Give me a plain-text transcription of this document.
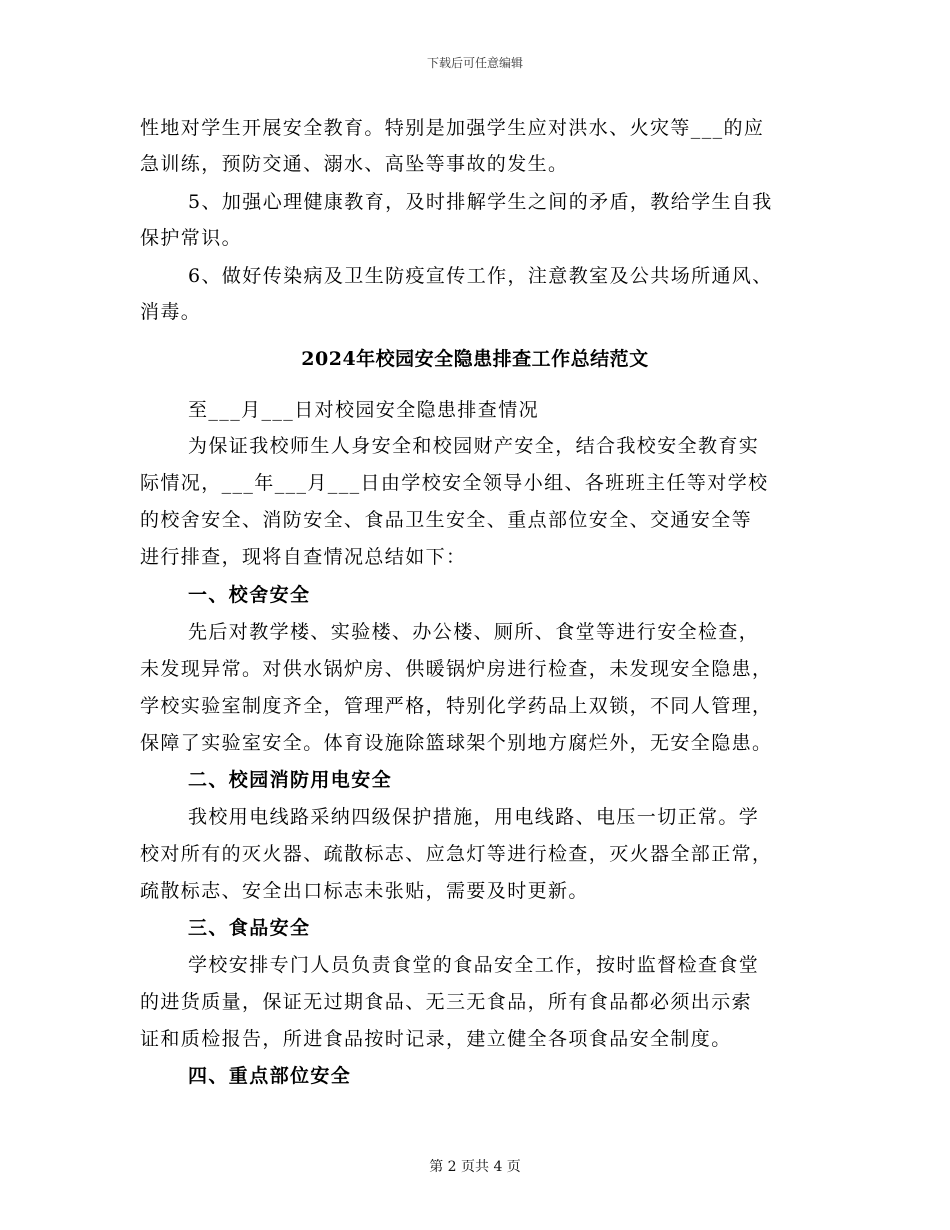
下载后可任意编辑
性地对学生开展安全教育。特别是加强学生应对洪水、火灾等___的应
急训练，预防交通、溺水、高坠等事故的发生。
5、加强心理健康教育，及时排解学生之间的矛盾，教给学生自我
保护常识。
6、做好传染病及卫生防疫宣传工作，注意教室及公共场所通风、
消毒。
2024年校园安全隐患排查工作总结范文
至___月___日对校园安全隐患排查情况
为保证我校师生人身安全和校园财产安全，结合我校安全教育实
际情况，___年___月___日由学校安全领导小组、各班班主任等对学校
的校舍安全、消防安全、食品卫生安全、重点部位安全、交通安全等
进行排查，现将自查情况总结如下：
一、校舍安全
先后对教学楼、实验楼、办公楼、厕所、食堂等进行安全检查，
未发现异常。对供水锅炉房、供暖锅炉房进行检查，未发现安全隐患，
学校实验室制度齐全，管理严格，特别化学药品上双锁，不同人管理，
保障了实验室安全。体育设施除篮球架个别地方腐烂外，无安全隐患。
二、校园消防用电安全
我校用电线路采纳四级保护措施，用电线路、电压一切正常。学
校对所有的灭火器、疏散标志、应急灯等进行检查，灭火器全部正常，
疏散标志、安全出口标志未张贴，需要及时更新。
三、食品安全
学校安排专门人员负责食堂的食品安全工作，按时监督检查食堂
的进货质量，保证无过期食品、无三无食品，所有食品都必须出示索
证和质检报告，所进食品按时记录，建立健全各项食品安全制度。
四、重点部位安全
第 2 页共 4 页
